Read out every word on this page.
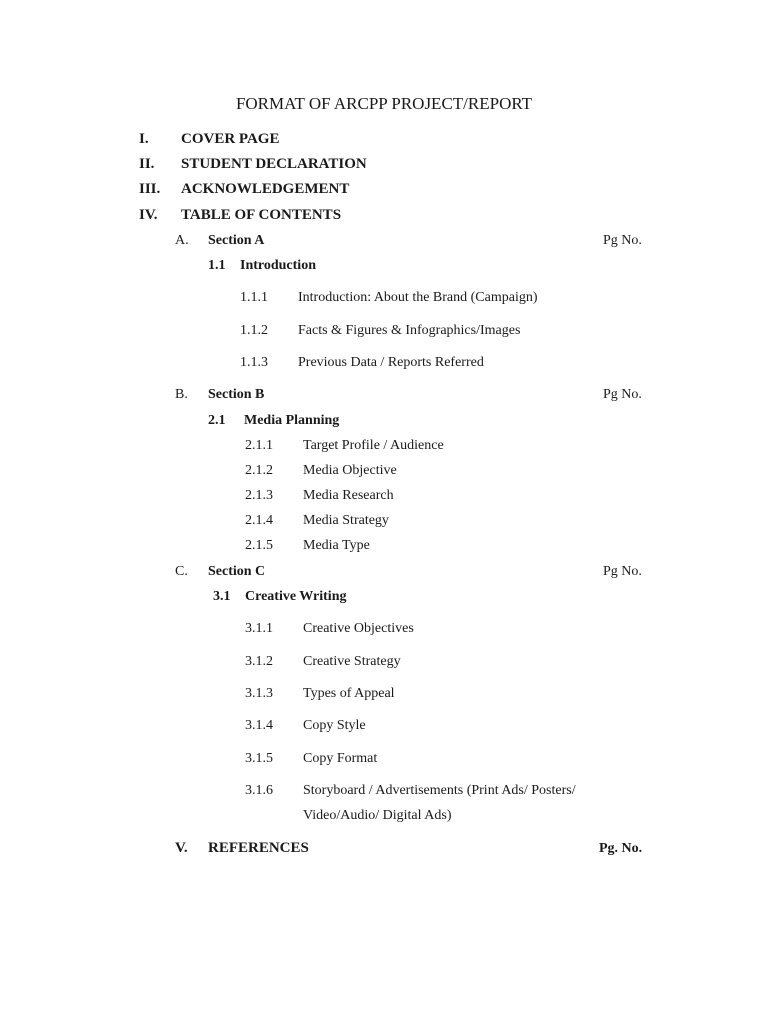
FORMAT OF ARCPP PROJECT/REPORT
I. COVER PAGE
II. STUDENT DECLARATION
III. ACKNOWLEDGEMENT
IV. TABLE OF CONTENTS
A. Section A	Pg No.
1.1 Introduction
1.1.1 Introduction: About the Brand (Campaign)
1.1.2 Facts & Figures & Infographics/Images
1.1.3 Previous Data / Reports Referred
B. Section B	Pg No.
2.1 Media Planning
2.1.1 Target Profile / Audience
2.1.2 Media Objective
2.1.3 Media Research
2.1.4 Media Strategy
2.1.5 Media Type
C. Section C	Pg No.
3.1 Creative Writing
3.1.1 Creative Objectives
3.1.2 Creative Strategy
3.1.3 Types of Appeal
3.1.4 Copy Style
3.1.5 Copy Format
3.1.6 Storyboard / Advertisements (Print Ads/ Posters/ Video/Audio/ Digital Ads)
V. REFERENCES	Pg. No.
